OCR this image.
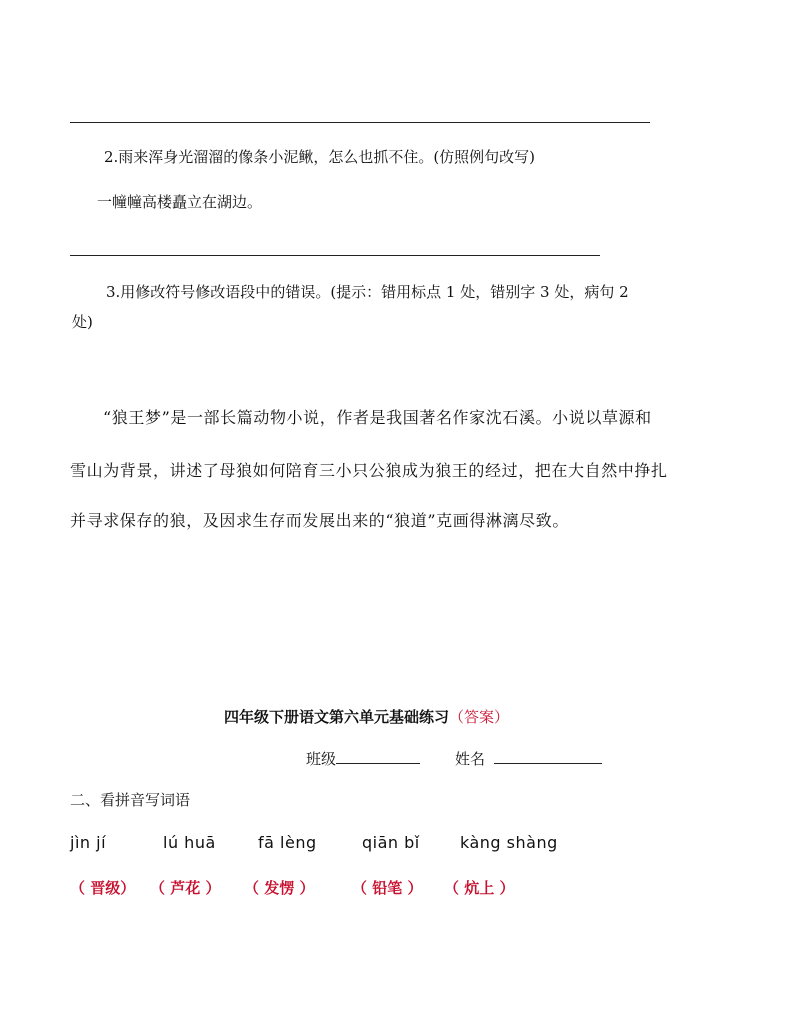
2.雨来浑身光溜溜的像条小泥鳅，怎么也抓不住。(仿照例句改写)
一幢幢高楼矗立在湖边。
3.用修改符号修改语段中的错误。(提示：错用标点 1 处，错别字 3 处，病句 2
处)
“狼王梦”是一部长篇动物小说，作者是我国著名作家沈石溪。小说以草源和
雪山为背景，讲述了母狼如何陪育三小只公狼成为狼王的经过，把在大自然中挣扎
并寻求保存的狼，及因求生存而发展出来的“狼道”克画得淋漓尽致。
四年级下册语文第六单元基础练习（答案）
班级	姓名
二、看拼音写词语
jìn jí	lú huā	fā lèng	qiān bǐ	kàng shàng
（ 晋级） （ 芦花 ） （ 发愣 ）	（ 铅笔 ） （ 炕上 ）
